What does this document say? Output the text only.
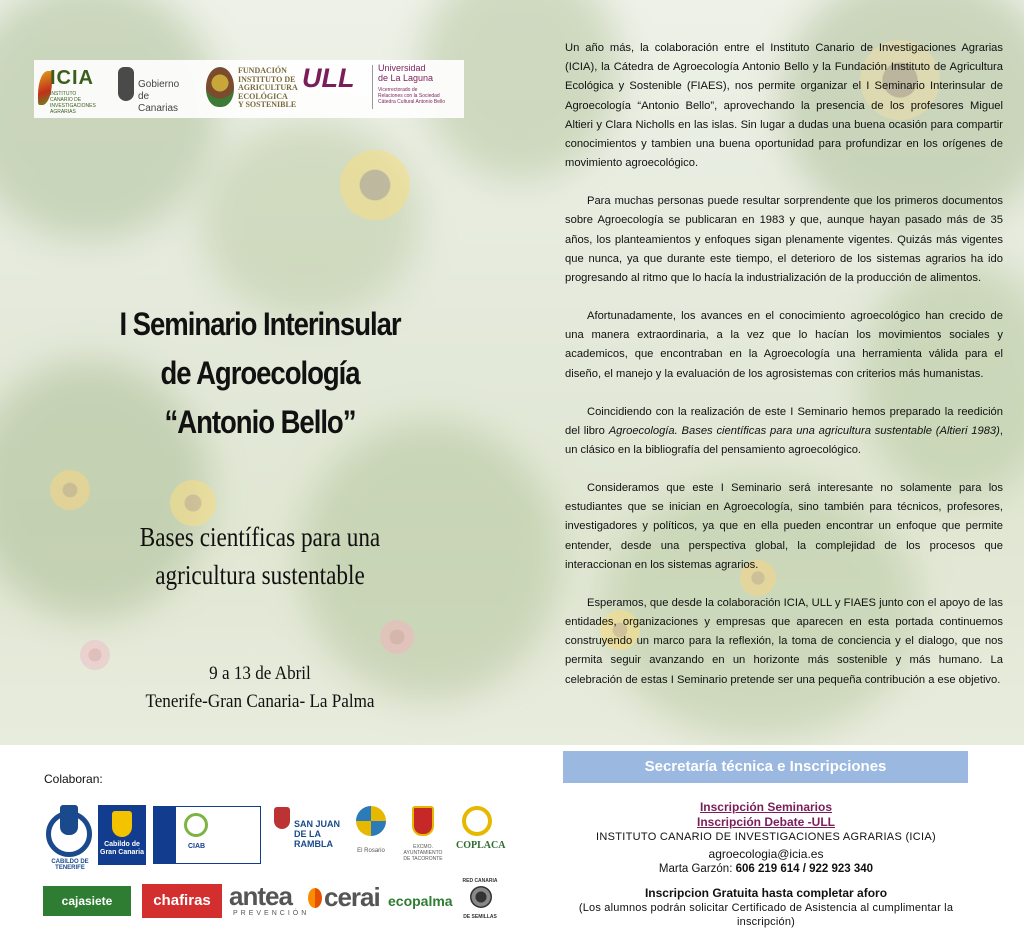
ICIA
INSTITUTO CANARIO DE INVESTIGACIONES AGRARIAS
Gobierno
de Canarias
FUNDACIÓN
INSTITUTO DE
AGRICULTURA
ECOLÓGICA
Y SOSTENIBLE
ULL	Universidad
de La Laguna
Vicerrectorado de
Relaciones con la Sociedad
Cátedra Cultural Antonio Bello
I Seminario Interinsular
de Agroecología
“Antonio Bello”
Bases científicas para una
agricultura sustentable
9 a 13 de Abril
Tenerife-Gran Canaria- La Palma

Un año más, la colaboración entre el Instituto Canario de Investigaciones Agrarias (ICIA), la Cátedra de Agroecología Antonio Bello y la Fundación Instituto de Agricultura Ecológica y Sostenible (FIAES), nos permite organizar el I Seminario Interinsular de Agroecología “Antonio Bello”, aprovechando la presencia de los profesores Miguel Altieri y Clara Nicholls en las islas. Sin lugar a dudas una buena ocasión para compartir conocimientos y tambien una buena oportunidad para profundizar en los orígenes de movimiento agroecológico.

Para muchas personas puede resultar sorprendente que los primeros documentos sobre Agroecología se publicaran en 1983 y que, aunque hayan pasado más de 35 años, los planteamientos y enfoques sigan plenamente vigentes. Quizás más vigentes que nunca, ya que durante este tiempo, el deterioro de los sistemas agrarios ha ido progresando al ritmo que lo hacía la industrialización de la producción de alimentos.

Afortunadamente, los avances en el conocimiento agroecológico han crecido de una manera extraordinaria, a la vez que lo hacían los movimientos sociales y academicos, que encontraban en la Agroecología una herramienta válida para el diseño, el manejo y la evaluación de los agrosistemas con criterios más humanistas.

Coincidiendo con la realización de este I Seminario hemos preparado la reedición del libro Agroecología. Bases científicas para una agricultura sustentable (Altieri 1983), un clásico en la bibliografía del pensamiento agroecológico.

Consideramos que este I Seminario será interesante no solamente para los estudiantes que se inician en Agroecología, sino también para técnicos, profesores, investigadores y políticos, ya que en ella pueden encontrar un enfoque que permite entender, desde una perspectiva global, la complejidad de los procesos que interaccionan en los sistemas agrarios.

Esperamos, que desde la colaboración ICIA, ULL y FIAES junto con el apoyo de las entidades, organizaciones y empresas que aparecen en esta portada continuemos construyendo un marco para la reflexión, la toma de conciencia y el dialogo, que nos permita seguir avanzando en un horizonte más sostenible y más humano. La celebración de estas I Seminario pretende ser una pequeña contribución a ese objetivo.

Colaboran:
CABILDO DE TENERIFE
Cabildo de Gran Canaria
CIAB
SAN JUAN DE LA RAMBLA
El Rosario
EXCMO. AYUNTAMIENTO DE TACORONTE
COPLACA
cajasiete	chafiras antea
PREVENCIÓN
cerai ecopalma
RED CANARIA
DE SEMILLAS
Secretaría técnica e Inscripciones
Inscripción Seminarios
Inscripción Debate -ULL
INSTITUTO CANARIO DE INVESTIGACIONES AGRARIAS (ICIA)
agroecologia@icia.es
Marta Garzón: 606 219 614 / 922 923 340
Inscripcion Gratuita hasta completar aforo
(Los alumnos podrán solicitar Certificado de Asistencia al cumplimentar la inscripción)
